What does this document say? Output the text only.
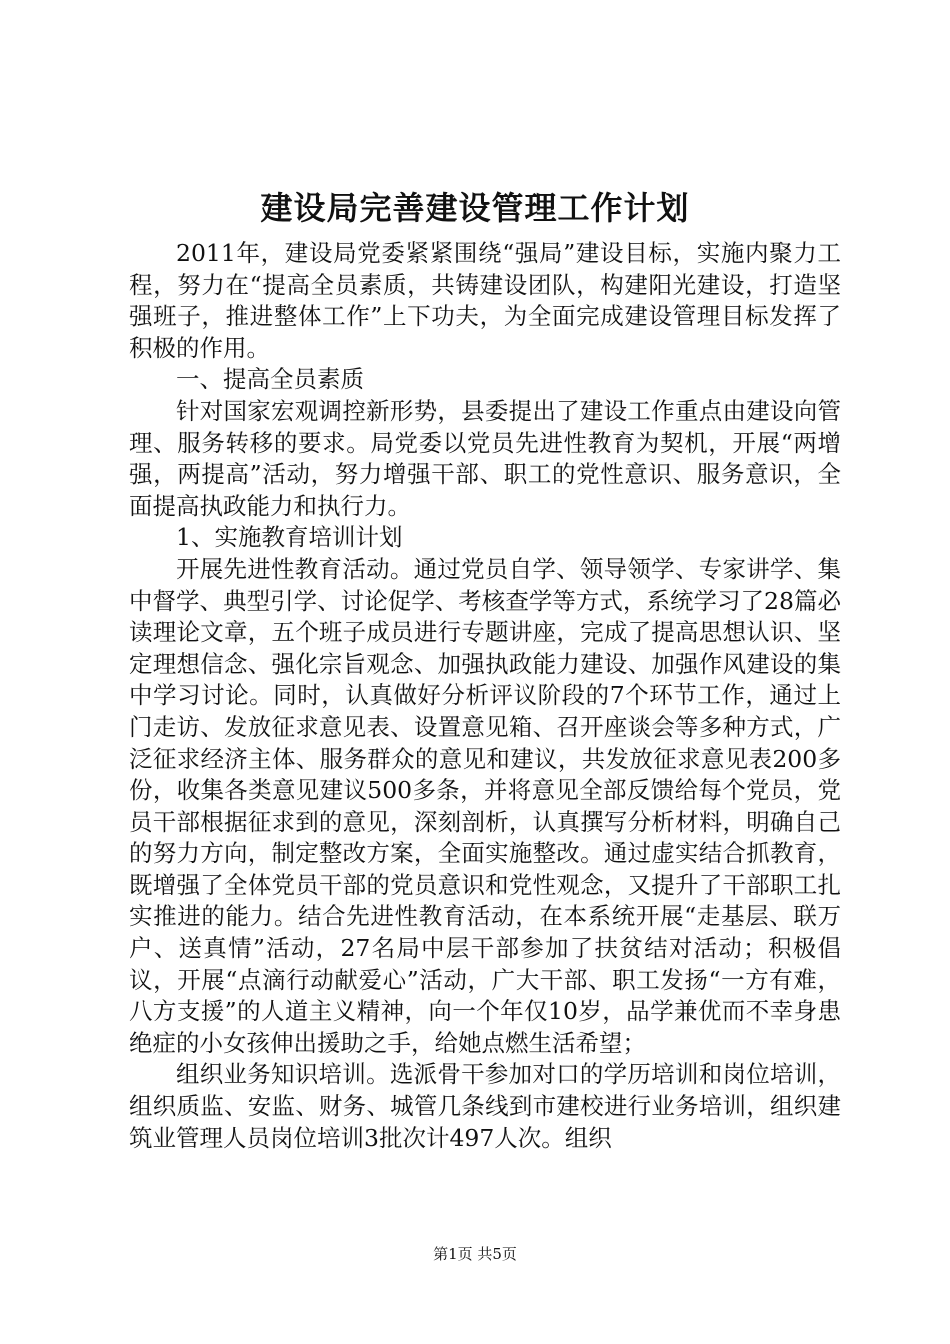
建设局完善建设管理工作计划

2011年，建设局党委紧紧围绕“强局”建设目标，实施内聚力工程，努力在“提高全员素质，共铸建设团队，构建阳光建设，打造坚强班子，推进整体工作”上下功夫，为全面完成建设管理目标发挥了积极的作用。

一、提高全员素质

针对国家宏观调控新形势，县委提出了建设工作重点由建设向管理、服务转移的要求。局党委以党员先进性教育为契机，开展“两增强，两提高”活动，努力增强干部、职工的党性意识、服务意识，全面提高执政能力和执行力。

1、实施教育培训计划

开展先进性教育活动。通过党员自学、领导领学、专家讲学、集中督学、典型引学、讨论促学、考核查学等方式，系统学习了28篇必读理论文章，五个班子成员进行专题讲座，完成了提高思想认识、坚定理想信念、强化宗旨观念、加强执政能力建设、加强作风建设的集中学习讨论。同时，认真做好分析评议阶段的7个环节工作，通过上门走访、发放征求意见表、设置意见箱、召开座谈会等多种方式，广泛征求经济主体、服务群众的意见和建议，共发放征求意见表200多份，收集各类意见建议500多条，并将意见全部反馈给每个党员，党员干部根据征求到的意见，深刻剖析，认真撰写分析材料，明确自己的努力方向，制定整改方案，全面实施整改。通过虚实结合抓教育，既增强了全体党员干部的党员意识和党性观念，又提升了干部职工扎实推进的能力。结合先进性教育活动，在本系统开展“走基层、联万户、送真情”活动，27名局中层干部参加了扶贫结对活动；积极倡议，开展“点滴行动献爱心”活动，广大干部、职工发扬“一方有难，八方支援”的人道主义精神，向一个年仅10岁，品学兼优而不幸身患绝症的小女孩伸出援助之手，给她点燃生活希望；

组织业务知识培训。选派骨干参加对口的学历培训和岗位培训，组织质监、安监、财务、城管几条线到市建校进行业务培训，组织建筑业管理人员岗位培训3批次计497人次。组织

第1页 共5页
